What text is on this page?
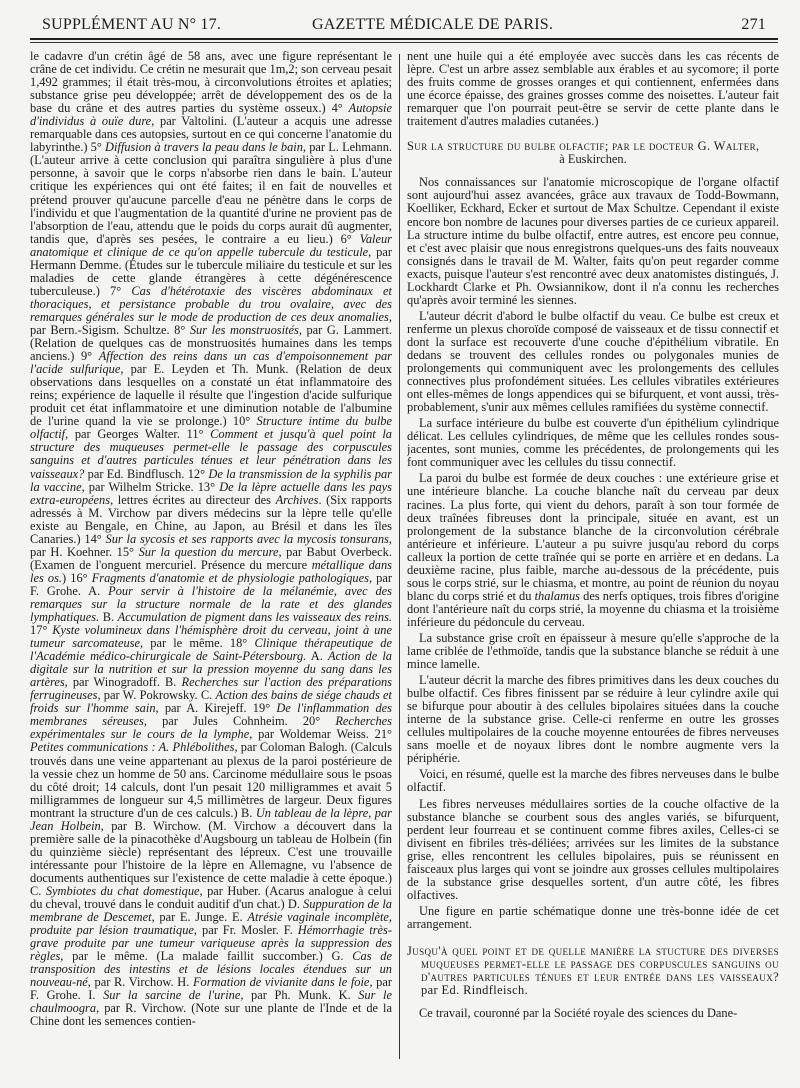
SUPPLÉMENT AU N° 17.	GAZETTE MÉDICALE DE PARIS.	271

le cadavre d'un crétin âgé de 58 ans, avec une figure représentant le crâne de cet individu. Ce crétin ne mesurait que 1m,2; son cerveau pesait 1,492 grammes; il était très-mou, à circonvolutions étroites et aplaties; substance grise peu développée; arrêt de développement des os de la base du crâne et des autres parties du système osseux.) 4° Autopsie d'individus à ouïe dure, par Valtolini. (L'auteur a acquis une adresse remarquable dans ces autopsies, surtout en ce qui concerne l'anatomie du labyrinthe.) 5° Diffusion à travers la peau dans le bain, par L. Lehmann. (L'auteur arrive à cette conclusion qui paraîtra singulière à plus d'une personne, à savoir que le corps n'absorbe rien dans le bain. L'auteur critique les expériences qui ont été faites; il en fait de nouvelles et prétend prouver qu'aucune parcelle d'eau ne pénètre dans le corps de l'individu et que l'augmentation de la quantité d'urine ne provient pas de l'absorption de l'eau, attendu que le poids du corps aurait dû augmenter, tandis que, d'après ses pesées, le contraire a eu lieu.) 6° Valeur anatomique et clinique de ce qu'on appelle tubercule du testicule, par Hermann Demme. (Études sur le tubercule miliaire du testicule et sur les maladies de cette glande étrangères à cette dégénérescence tuberculeuse.) 7° Cas d'hétérotaxie des viscères abdominaux et thoraciques, et persistance probable du trou ovalaire, avec des remarques générales sur le mode de production de ces deux anomalies, par Bern.-Sigism. Schultze. 8° Sur les monstruosités, par G. Lammert. (Relation de quelques cas de monstruosités humaines dans les temps anciens.) 9° Affection des reins dans un cas d'empoisonnement par l'acide sulfurique, par E. Leyden et Th. Munk. (Relation de deux observations dans lesquelles on a constaté un état inflammatoire des reins; expérience de laquelle il résulte que l'ingestion d'acide sulfurique produit cet état inflammatoire et une diminution notable de l'albumine de l'urine quand la vie se prolonge.) 10° Structure intime du bulbe olfactif, par Georges Walter. 11° Comment et jusqu'à quel point la structure des muqueuses permet-elle le passage des corpuscules sanguins et d'autres particules ténues et leur pénétration dans les vaisseaux? par Ed. Bindflusch. 12° De la transmission de la syphilis par la vaccine, par Wilhelm Stricke. 13° De la lèpre actuelle dans les pays extra-européens, lettres écrites au directeur des Archives. (Six rapports adressés à M. Virchow par divers médecins sur la lèpre telle qu'elle existe au Bengale, en Chine, au Japon, au Brésil et dans les îles Canaries.) 14° Sur la sycosis et ses rapports avec la mycosis tonsurans, par H. Koehner. 15° Sur la question du mercure, par Babut Overbeck. (Examen de l'onguent mercuriel. Présence du mercure métallique dans les os.) 16° Fragments d'anatomie et de physiologie pathologiques, par F. Grohe. A. Pour servir à l'histoire de la mélanémie, avec des remarques sur la structure normale de la rate et des glandes lymphatiques. B. Accumulation de pigment dans les vaisseaux des reins. 17° Kyste volumineux dans l'hémisphère droit du cerveau, joint à une tumeur sarcomateuse, par le même. 18° Clinique thérapeutique de l'Académie médico-chirurgicale de Saint-Pétersbourg. A. Action de la digitale sur la nutrition et sur la pression moyenne du sang dans les artères, par Winogradoff. B. Recherches sur l'action des préparations ferrugineuses, par W. Pokrowsky. C. Action des bains de siége chauds et froids sur l'homme sain, par A. Kirejeff. 19° De l'inflammation des membranes séreuses, par Jules Cohnheim. 20° Recherches expérimentales sur le cours de la lymphe, par Woldemar Weiss. 21° Petites communications : A. Phlébolithes, par Coloman Balogh. (Calculs trouvés dans une veine appartenant au plexus de la paroi postérieure de la vessie chez un homme de 50 ans. Carcinome médullaire sous le psoas du côté droit; 14 calculs, dont l'un pesait 120 milligrammes et avait 5 milligrammes de longueur sur 4,5 millimètres de largeur. Deux figures montrant la structure d'un de ces calculs.) B. Un tableau de la lèpre, par Jean Holbein, par B. Wirchow. (M. Virchow a découvert dans la première salle de la pinacothèke d'Augsbourg un tableau de Holbein (fin du quinzième siècle) représentant des lépreux. C'est une trouvaille intéressante pour l'histoire de la lèpre en Allemagne, vu l'absence de documents authentiques sur l'existence de cette maladie à cette époque.) C. Symbiotes du chat domestique, par Huber. (Acarus analogue à celui du cheval, trouvé dans le conduit auditif d'un chat.) D. Suppuration de la membrane de Descemet, par E. Junge. E. Atrésie vaginale incomplète, produite par lésion traumatique, par Fr. Mosler. F. Hémorrhagie très-grave produite par une tumeur variqueuse après la suppression des règles, par le même. (La malade faillit succomber.) G. Cas de transposition des intestins et de lésions locales étendues sur un nouveau-né, par R. Virchow. H. Formation de vivianite dans le foie, par F. Grohe. I. Sur la sarcine de l'urine, par Ph. Munk. K. Sur le chaulmoogra, par R. Virchow. (Note sur une plante de l'Inde et de la Chine dont les semences contien-

nent une huile qui a été employée avec succès dans les cas récents de lèpre. C'est un arbre assez semblable aux érables et au sycomore; il porte des fruits comme de grosses oranges et qui contiennent, enfermées dans une écorce épaisse, des graines grosses comme des noisettes. L'auteur fait remarquer que l'on pourrait peut-être se servir de cette plante dans le traitement d'autres maladies cutanées.)

Sur la structure du bulbe olfactif; par le docteur G. Walter,
à Euskirchen.

Nos connaissances sur l'anatomie microscopique de l'organe olfactif sont aujourd'hui assez avancées, grâce aux travaux de Todd-Bowmann, Koelliker, Eckhard, Ecker et surtout de Max Schultze. Cependant il existe encore bon nombre de lacunes pour diverses parties de ce curieux appareil. La structure intime du bulbe olfactif, entre autres, est encore peu connue, et c'est avec plaisir que nous enregistrons quelques-uns des faits nouveaux consignés dans le travail de M. Walter, faits qu'on peut regarder comme exacts, puisque l'auteur s'est rencontré avec deux anatomistes distingués, J. Lockhardt Clarke et Ph. Owsiannikow, dont il n'a connu les recherches qu'après avoir terminé les siennes.

L'auteur décrit d'abord le bulbe olfactif du veau. Ce bulbe est creux et renferme un plexus choroïde composé de vaisseaux et de tissu connectif et dont la surface est recouverte d'une couche d'épithélium vibratile. En dedans se trouvent des cellules rondes ou polygonales munies de prolongements qui communiquent avec les prolongements des cellules connectives plus profondément situées. Les cellules vibratiles extérieures ont elles-mêmes de longs appendices qui se bifurquent, et vont aussi, très-probablement, s'unir aux mêmes cellules ramifiées du système connectif.

La surface intérieure du bulbe est couverte d'un épithélium cylindrique délicat. Les cellules cylindriques, de même que les cellules rondes sous-jacentes, sont munies, comme les précédentes, de prolongements qui les font communiquer avec les cellules du tissu connectif.

La paroi du bulbe est formée de deux couches : une extérieure grise et une intérieure blanche. La couche blanche naît du cerveau par deux racines. La plus forte, qui vient du dehors, paraît à son tour formée de deux traînées fibreuses dont la principale, située en avant, est un prolongement de la substance blanche de la circonvolution cérébrale antérieure et inférieure. L'auteur a pu suivre jusqu'au rebord du corps calleux la portion de cette traînée qui se porte en arrière et en dedans. La deuxième racine, plus faible, marche au-dessous de la précédente, puis sous le corps strié, sur le chiasma, et montre, au point de réunion du noyau blanc du corps strié et du thalamus des nerfs optiques, trois fibres d'origine dont l'antérieure naît du corps strié, la moyenne du chiasma et la troisième inférieure du pédoncule du cerveau.

La substance grise croît en épaisseur à mesure qu'elle s'approche de la lame criblée de l'ethmoïde, tandis que la substance blanche se réduit à une mince lamelle.

L'auteur décrit la marche des fibres primitives dans les deux couches du bulbe olfactif. Ces fibres finissent par se réduire à leur cylindre axile qui se bifurque pour aboutir à des cellules bipolaires situées dans la couche interne de la substance grise. Celle-ci renferme en outre les grosses cellules multipolaires de la couche moyenne entourées de fibres nerveuses sans moelle et de noyaux libres dont le nombre augmente vers la périphérie.

Voici, en résumé, quelle est la marche des fibres nerveuses dans le bulbe olfactif.

Les fibres nerveuses médullaires sorties de la couche olfactive de la substance blanche se courbent sous des angles variés, se bifurquent, perdent leur fourreau et se continuent comme fibres axiles, Celles-ci se divisent en fibriles très-déliées; arrivées sur les limites de la substance grise, elles rencontrent les cellules bipolaires, puis se réunissent en faisceaux plus larges qui vont se joindre aux grosses cellules multipolaires de la substance grise desquelles sortent, d'un autre côté, les fibres olfactives.

Une figure en partie schématique donne une très-bonne idée de cet arrangement.

Jusqu'à quel point et de quelle manière la stucture des diverses muqueuses permet-elle le passage des corpuscules sanguins ou d'autres particules ténues et leur entrée dans les vaisseaux? par Ed. Rindfleisch.

Ce travail, couronné par la Société royale des sciences du Dane-
